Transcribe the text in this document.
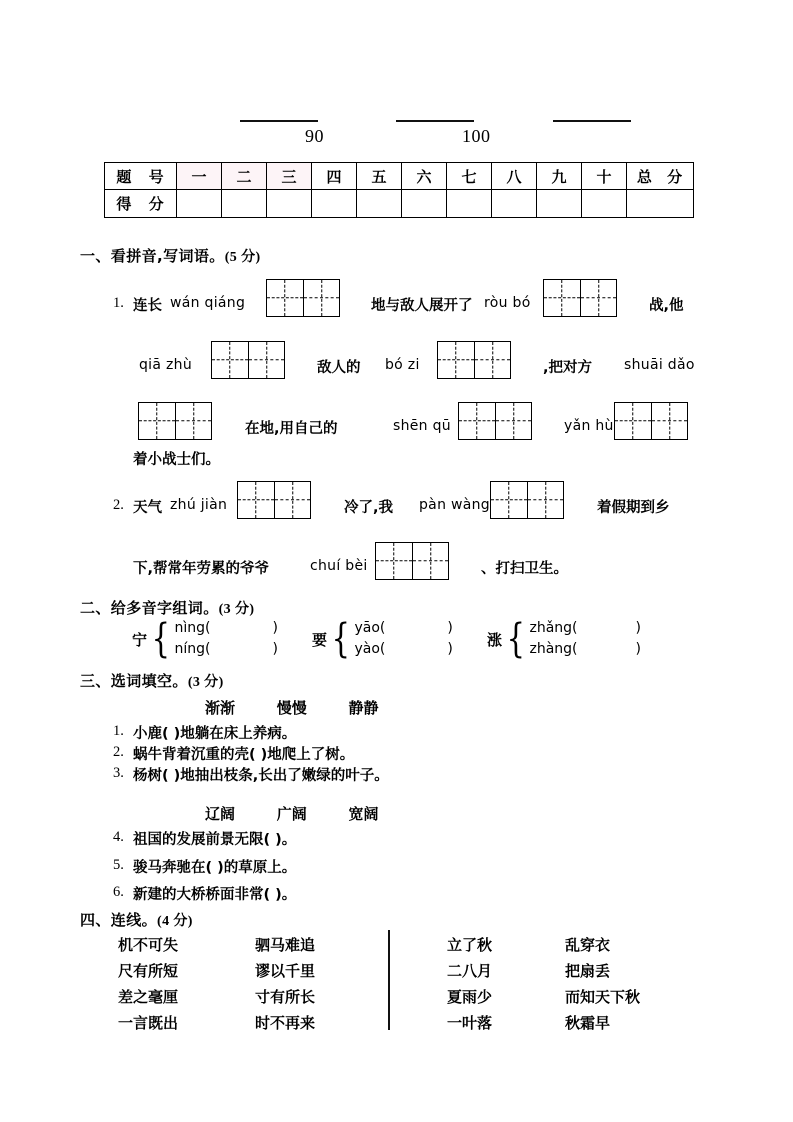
90	100
题 号	一	二	三	四	五	六	七	八	九	十	总 分
得 分											
一、看拼音,写词语。(5 分)
1. 连长 wán qiáng	地与敌人展开了 ròu bó	战,他
qiā zhù	敌人的 bó zi	,把对方 shuāi dǎo
在地,用自己的	shēn qū	yǎn hù
着小战士们。
2. 天气 zhú jiàn	冷了,我 pàn wàng	着假期到乡
下,帮常年劳累的爷爷	chuí bèi	、打扫卫生。
二、给多音字组词。(3 分)
宁 { nìng(	)
níng(	)
要 { yāo(	)
yào(	)
涨 { zhǎng(	)
zhàng(	)
三、选词填空。(3 分)
渐渐        慢慢        静静
1. 小鹿( )地躺在床上养病。
2. 蜗牛背着沉重的壳( )地爬上了树。
3. 杨树( )地抽出枝条,长出了嫩绿的叶子。
辽阔        广阔        宽阔
4. 祖国的发展前景无限( )。
5. 骏马奔驰在( )的草原上。
6. 新建的大桥桥面非常( )。
四、连线。(4 分)
机不可失
尺有所短
差之毫厘
一言既出
驷马难追
谬以千里
寸有所长
时不再来
立了秋
二八月
夏雨少
一叶落
乱穿衣
把扇丢
而知天下秋
秋霜早
